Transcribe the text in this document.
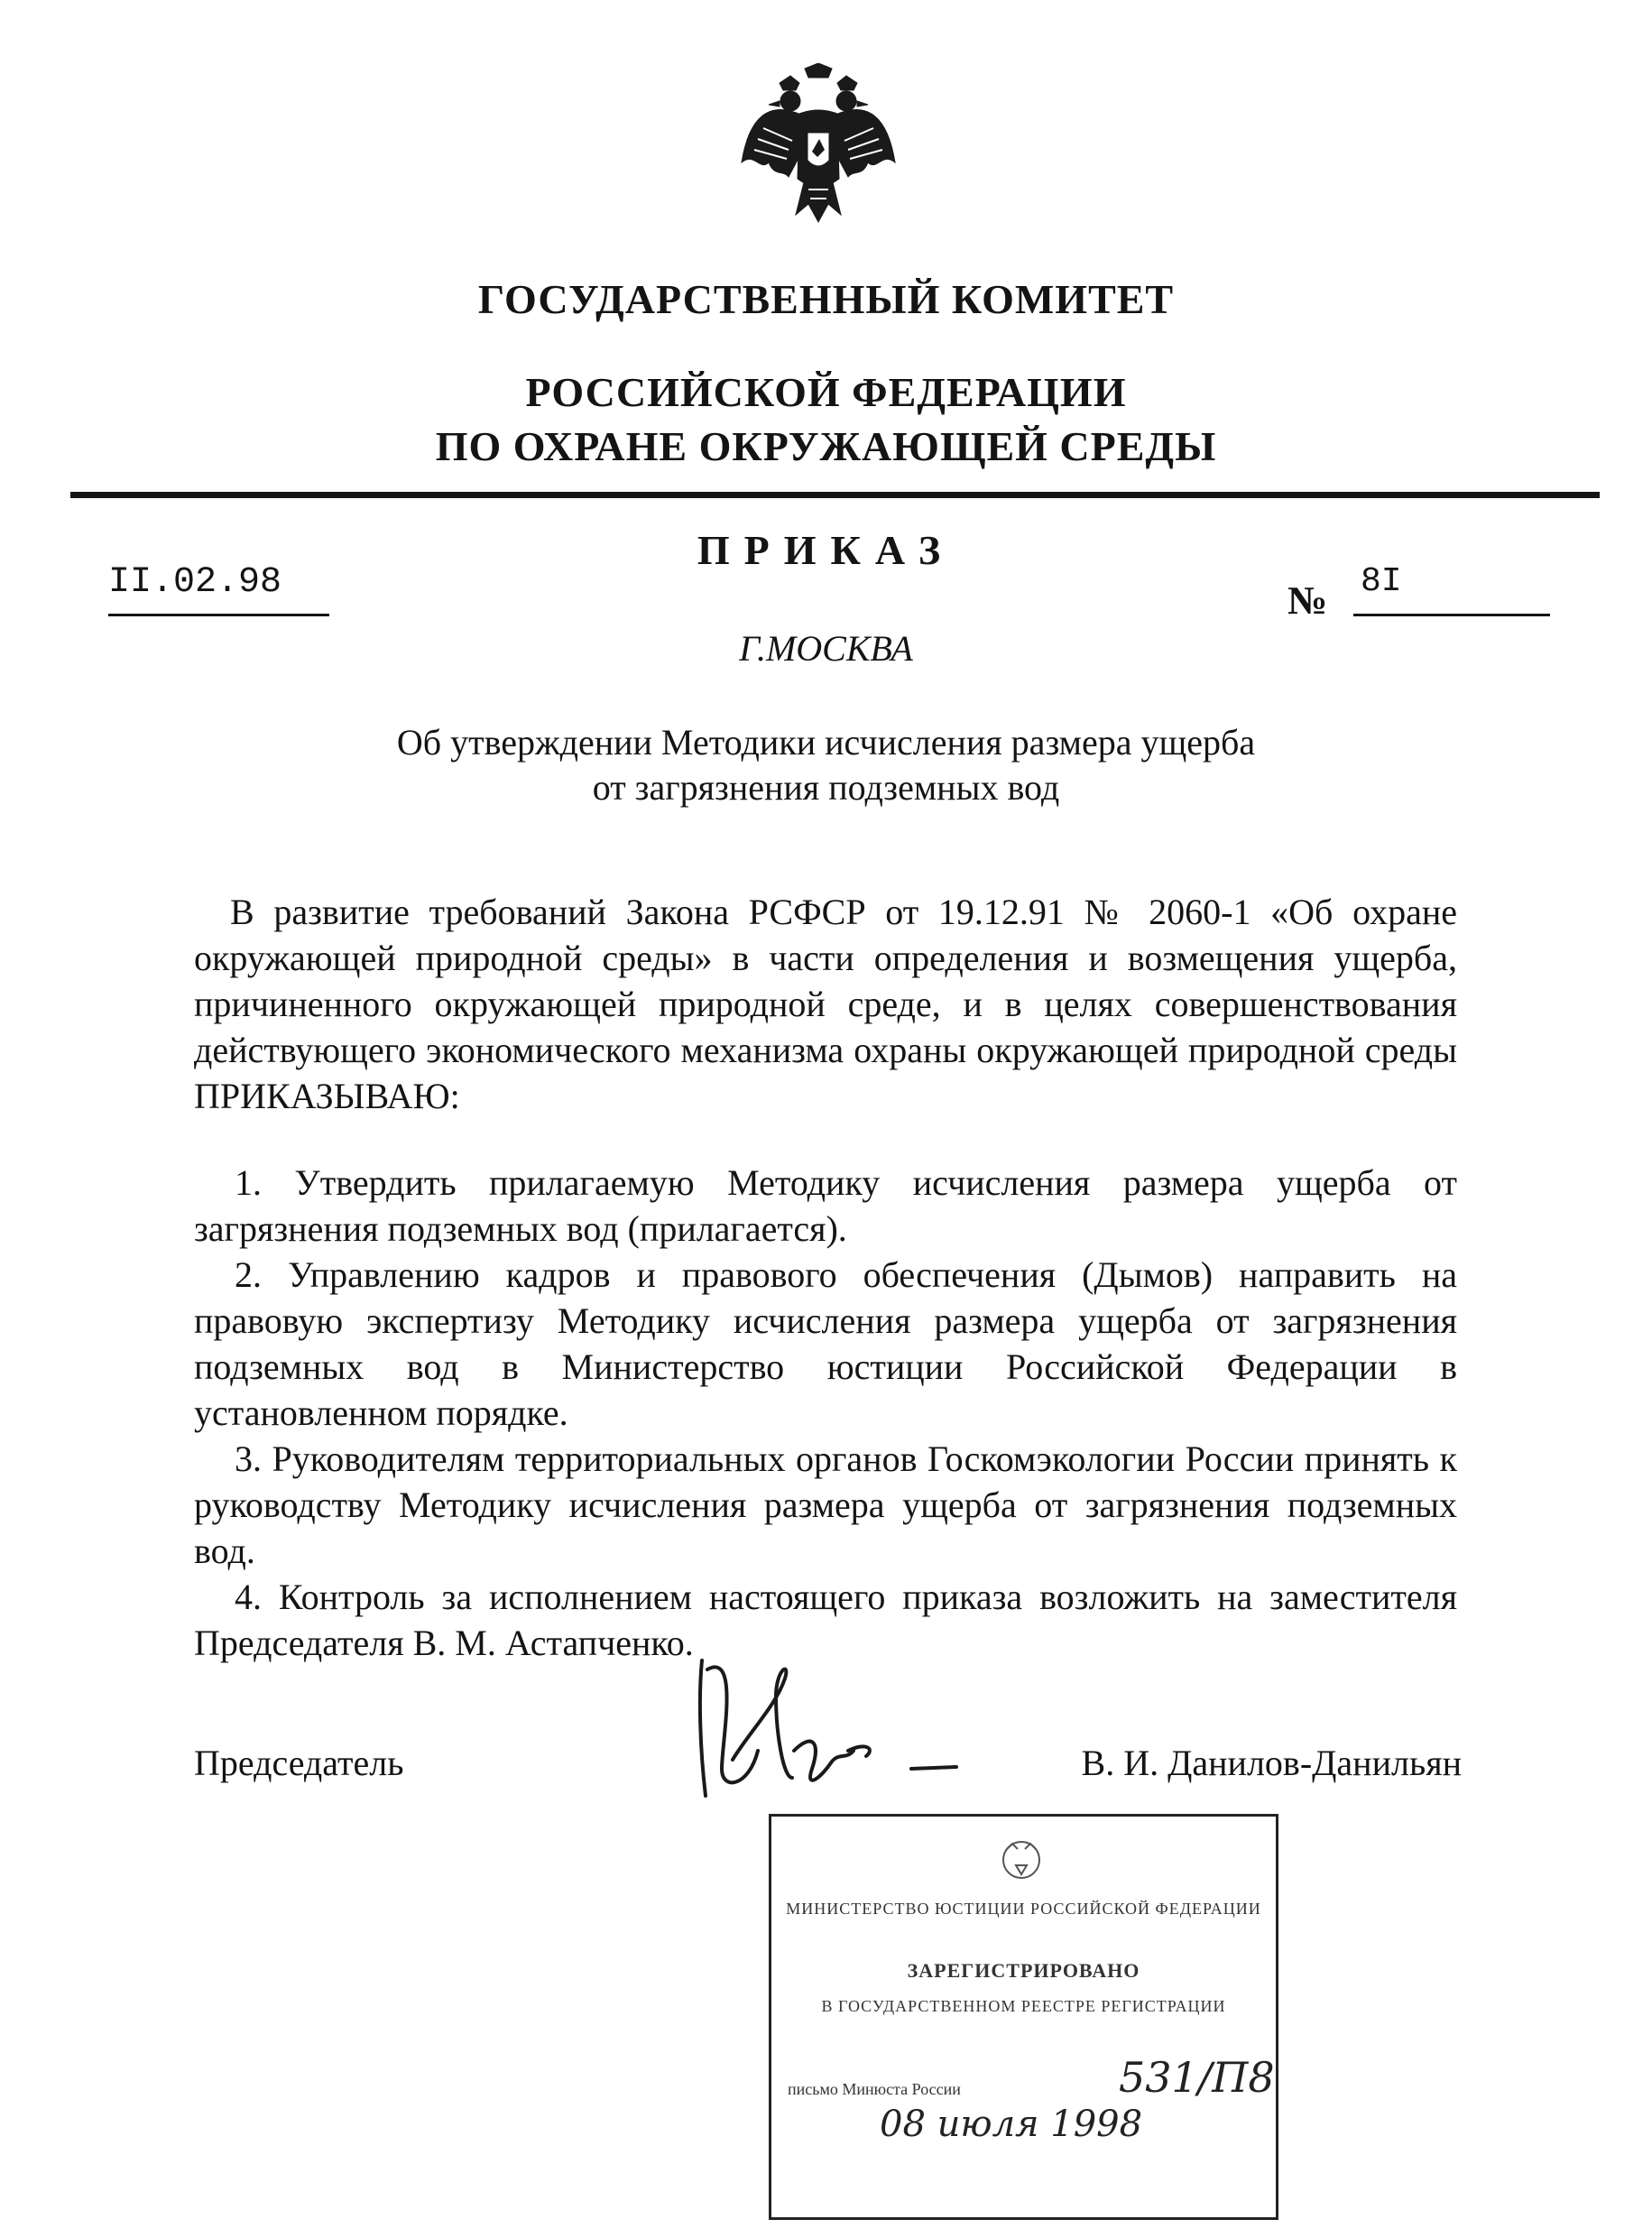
ГОСУДАРСТВЕННЫЙ КОМИТЕТ
РОССИЙСКОЙ ФЕДЕРАЦИИ
ПО ОХРАНЕ ОКРУЖАЮЩЕЙ СРЕДЫ
ПРИКАЗ
II.02.98	№ 8I
Г.МОСКВА
Об утверждении Методики исчисления размера ущерба
от загрязнения подземных вод
В развитие требований Закона РСФСР от 19.12.91 № 2060-1 «Об охране окружающей природной среды» в части определения и возмещения ущерба, причиненного окружающей природной среде, и в целях совершенствования действующего экономического механизма охраны окружающей природной среды ПРИКАЗЫВАЮ:
1. Утвердить прилагаемую Методику исчисления размера ущерба от загрязнения подземных вод (прилагается).
2. Управлению кадров и правового обеспечения (Дымов) направить на правовую экспертизу Методику исчисления размера ущерба от загрязнения подземных вод в Министерство юстиции Российской Федерации в установленном порядке.
3. Руководителям территориальных органов Госкомэкологии России принять к руководству Методику исчисления размера ущерба от загрязнения подземных вод.
4. Контроль за исполнением настоящего приказа возложить на заместителя Председателя В. М. Астапченко.
Председатель	В. И. Данилов-Данильян
МИНИСТЕРСТВО ЮСТИЦИИ РОССИЙСКОЙ ФЕДЕРАЦИИ
ЗАРЕГИСТРИРОВАНО
В ГОСУДАРСТВЕННОМ РЕЕСТРЕ РЕГИСТРАЦИИ
письмо Минюста России	531/П8
08 июля 1998
